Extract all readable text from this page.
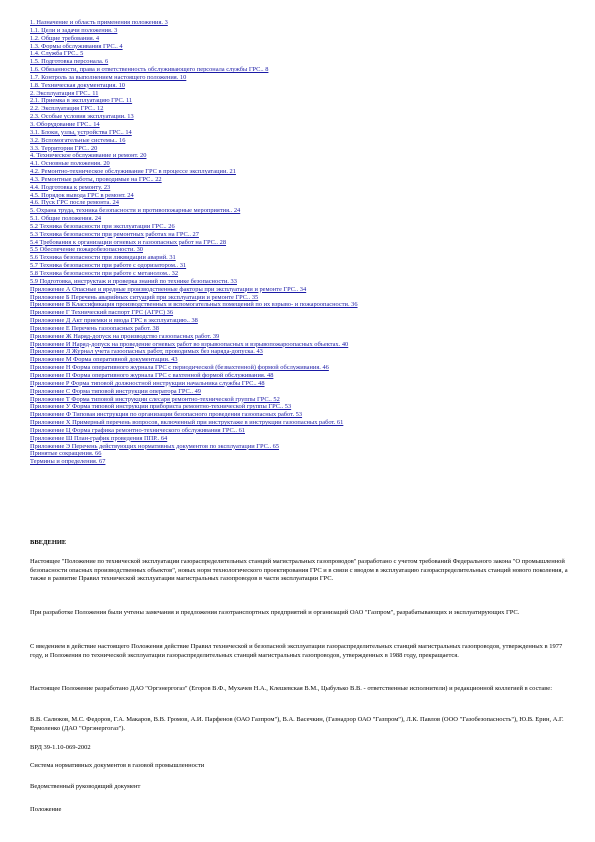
1. Назначение и область применения положения. 3
1.1. Цели и задачи положения. 3
1.2. Общие требования. 4
1.3. Формы обслуживания ГРС.. 4
1.4. Служба ГРС.. 5
1.5. Подготовка персонала. 6
1.6. Обязанности, права и ответственность обслуживающего персонала службы ГРС.. 8
1.7. Контроль за выполнением настоящего положения. 10
1.8. Техническая документация. 10
2. Эксплуатация ГРС.. 11
2.1. Приемка в эксплуатацию ГРС. 11
2.2. Эксплуатация ГРС.. 12
2.3. Особые условия эксплуатации. 13
3. Оборудование ГРС.. 14
3.1. Блоки, узлы, устройства ГРС.. 14
3.2. Вспомогательные системы.. 16
3.3. Территория ГРС.. 20
4. Техническое обслуживание и ремонт. 20
4.1. Основные положения. 20
4.2. Ремонтно-техническое обслуживание ГРС в процессе эксплуатации. 21
4.3. Ремонтные работы, проводимые на ГРС.. 22
4.4. Подготовка к ремонту. 23
4.5. Порядок вывода ГРС в ремонт. 24
4.6. Пуск ГРС после ремонта. 24
5. Охрана труда, техника безопасности и противопожарные мероприятия.. 24
5.1. Общие положения. 24
5.2 Техника безопасности при эксплуатации ГРС.. 26
5.3 Техника безопасности при ремонтных работах на ГРС.. 27
5.4 Требования к организации огневых и газоопасных работ на ГРС.. 28
5.5 Обеспечение пожаробезопасности. 30
5.6 Техника безопасности при ликвидации аварий. 31
5.7 Техника безопасности при работе с одоризатором.. 31
5.8 Техника безопасности при работе с метанолом.. 32
5.9 Подготовка, инструктаж и проверка знаний по технике безопасности. 33
Приложение А Опасные и вредные производственные факторы при эксплуатации и ремонте ГРС.. 34
Приложение Б Перечень аварийных ситуаций при эксплуатации и ремонте ГРС.. 35
Приложение В Классификация производственных и вспомогательных помещений по их взрыво- и пожароопасности. 36
Приложение Г Технический паспорт ГРС (АГРС) 36
Приложение Д Акт приемки и ввода ГРС в эксплуатацию.. 38
Приложение Е Перечень газоопасных работ. 38
Приложение Ж Наряд-допуск на производство газоопасных работ. 39
Приложение И Наряд-допуск на проведение огневых работ во взрывоопасных и взрывопожароопасных объектах. 40
Приложение Л Журнал учета газоопасных работ, проводимых без наряда-допуска. 43
Приложение М Форма оперативной документации. 43
Приложение Н Форма оперативного журнала ГРС с периодической (безвахтенной) формой обслуживания. 46
Приложение П Форма оперативного журнала ГРС с вахтенной формой обслуживания. 48
Приложение Р Форма типовой должностной инструкции начальника службы ГРС.. 48
Приложение С Форма типовой инструкции оператора ГРС.. 49
Приложение Т Форма типовой инструкции слесаря ремонтно-технической группы ГРС.. 52
Приложение У Форма типовой инструкции прибориста ремонтно-технической группы ГРС.. 53
Приложение Ф Типовая инструкция по организации безопасного проведения газоопасных работ. 53
Приложение Х Примерный перечень вопросов, включенный при инструктаже в инструкции газоопасных работ. 61
Приложение Ц Форма графика ремонтно-технического обслуживания ГРС.. 61
Приложение Ш План-график проведения ППР.. 64
Приложение Э Перечень действующих нормативных документов по эксплуатации ГРС.. 65
Принятые сокращения. 66
Термины и определения. 67

ВВЕДЕНИЕ

Настоящее "Положение по технической эксплуатации газораспределительных станций магистральных газопроводов" разработано с учетом требований Федерального закона "О промышленной безопасности опасных производственных объектов", новых норм технологического проектирования ГРС и в связи с вводом в эксплуатацию газораспределительных станций нового поколения, а также в развитие Правил технической эксплуатации магистральных газопроводов в части эксплуатации ГРС.

При разработке Положения были учтены замечания и предложения газотранспортных предприятий и организаций ОАО "Газпром", разрабатывающих и эксплуатирующих ГРС.

С введением в действие настоящего Положения действие Правил технической и безопасной эксплуатации газораспределительных станций магистральных газопроводов, утвержденных в 1977 году, и Положения по технической эксплуатации газораспределительных станций магистральных газопроводов, утвержденных в 1988 году, прекращается.

Настоящее Положение разработано ДАО "Оргэнергогаз" (Егоров В.Ф., Мухачев Н.А., Клешевская В.М., Цыбулько В.В. - ответственные исполнители) и редакционной коллегией в составе:

В.В. Салюков, М.С. Федоров, Г.А. Макаров, В.В. Громов, А.И. Парфенов (ОАО Газпром"), В.А. Васечкин, (Газнадзор ОАО "Газпром"), Л.К. Павлов (ООО "Газобезопасность"), Ю.В. Ерин, А.Г. Ермоленко (ДАО "Оргэнергогаз").

ВРД 39-1.10-069-2002

Система нормативных документов в газовой промышленности

Ведомственный руководящий документ

Положение
